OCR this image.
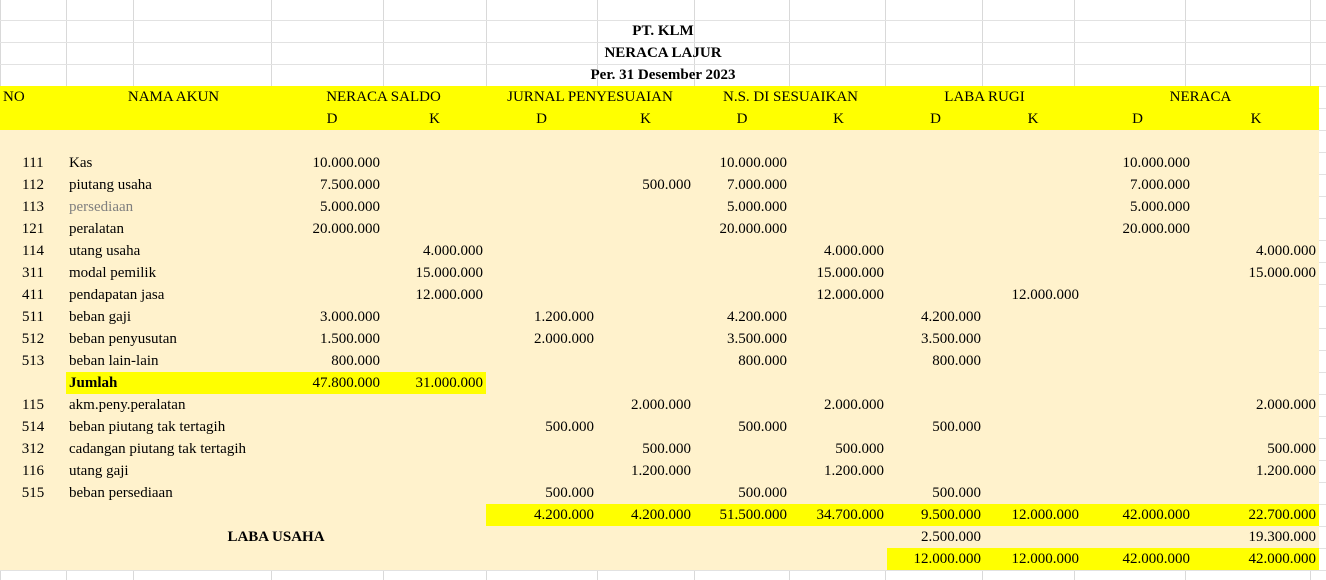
PT. KLM
NERACA LAJUR
Per. 31 Desember 2023
NO	NAMA AKUN	NERACA SALDO		JURNAL PENYESUAIAN		N.S. DI SESUAIKAN		LABA RUGI		NERACA	
		D	K	D	K	D	K	D	K	D	K

111	Kas	10.000.000				10.000.000				10.000.000	
112	piutang usaha	7.500.000			500.000	7.000.000				7.000.000	
113	persediaan	5.000.000				5.000.000				5.000.000	
121	peralatan	20.000.000				20.000.000				20.000.000	
114	utang usaha		4.000.000				4.000.000				4.000.000
311	modal pemilik		15.000.000				15.000.000				15.000.000
411	pendapatan jasa		12.000.000				12.000.000		12.000.000		
511	beban gaji	3.000.000		1.200.000		4.200.000		4.200.000			
512	beban penyusutan	1.500.000		2.000.000		3.500.000		3.500.000			
513	beban lain-lain	800.000				800.000		800.000			
	Jumlah	47.800.000	31.000.000								
115	akm.peny.peralatan				2.000.000		2.000.000				2.000.000
514	beban piutang tak tertagih			500.000		500.000		500.000			
312	cadangan piutang tak tertagih				500.000		500.000				500.000
116	utang gaji				1.200.000		1.200.000				1.200.000
515	beban persediaan			500.000		500.000		500.000			
				4.200.000	4.200.000	51.500.000	34.700.000	9.500.000	12.000.000	42.000.000	22.700.000
	LABA USAHA							2.500.000			19.300.000
								12.000.000	12.000.000	42.000.000	42.000.000
